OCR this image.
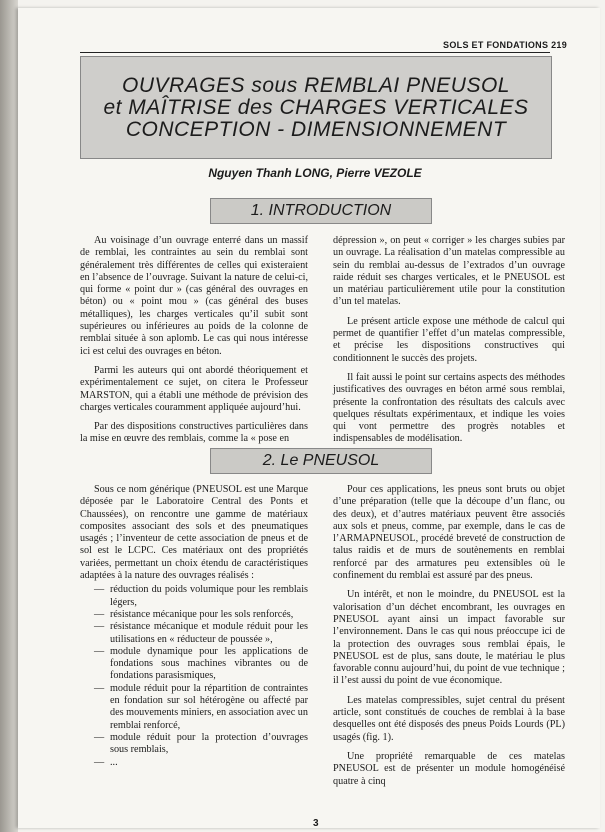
SOLS ET FONDATIONS 219
OUVRAGES sous REMBLAI PNEUSOL
et MAÎTRISE des CHARGES VERTICALES
CONCEPTION - DIMENSIONNEMENT
Nguyen Thanh LONG, Pierre VEZOLE
1. INTRODUCTION

Au voisinage d’un ouvrage enterré dans un massif de remblai, les contraintes au sein du remblai sont généralement très différentes de celles qui existeraient en l’absence de l’ouvrage. Suivant la nature de celui-ci, qui forme « point dur » (cas général des ouvrages en béton) ou « point mou » (cas général des buses métalliques), les charges verticales qu’il subit sont supérieures ou inférieures au poids de la colonne de remblai située à son aplomb. Le cas qui nous intéresse ici est celui des ouvrages en béton.

Parmi les auteurs qui ont abordé théoriquement et expérimentalement ce sujet, on citera le Professeur MARSTON, qui a établi une méthode de prévision des charges verticales couramment appliquée aujourd’hui.

Par des dispositions constructives particulières dans la mise en œuvre des remblais, comme la « pose en

dépression », on peut « corriger » les charges subies par un ouvrage. La réalisation d’un matelas compressible au sein du remblai au-dessus de l’extrados d’un ouvrage raide réduit ses charges verticales, et le PNEUSOL est un matériau particulièrement utile pour la constitution d’un tel matelas.

Le présent article expose une méthode de calcul qui permet de quantifier l’effet d’un matelas compressible, et précise les dispositions constructives qui conditionnent le succès des projets.

Il fait aussi le point sur certains aspects des méthodes justificatives des ouvrages en béton armé sous remblai, présente la confrontation des résultats des calculs avec quelques résultats expérimentaux, et indique les voies qui vont permettre des progrès notables et indispensables de modélisation.

2. Le PNEUSOL

Sous ce nom générique (PNEUSOL est une Marque déposée par le Laboratoire Central des Ponts et Chaussées), on rencontre une gamme de matériaux composites associant des sols et des pneumatiques usagés ; l’inventeur de cette association de pneus et de sol est le LCPC. Ces matériaux ont des propriétés variées, permettant un choix étendu de caractéristiques adaptées à la nature des ouvrages réalisés :

— réduction du poids volumique pour les remblais légers,
— résistance mécanique pour les sols renforcés,
— résistance mécanique et module réduit pour les utilisations en « réducteur de poussée »,
— module dynamique pour les applications de fondations sous machines vibrantes ou de fondations parasismiques,
— module réduit pour la répartition de contraintes en fondation sur sol hétérogène ou affecté par des mouvements miniers, en association avec un remblai renforcé,
— module réduit pour la protection d’ouvrages sous remblais,
— ...

Pour ces applications, les pneus sont bruts ou objet d’une préparation (telle que la découpe d’un flanc, ou des deux), et d’autres matériaux peuvent être associés aux sols et pneus, comme, par exemple, dans le cas de l’ARMAPNEUSOL, procédé breveté de construction de talus raidis et de murs de soutènements en remblai renforcé par des armatures peu extensibles où le confinement du remblai est assuré par des pneus.

Un intérêt, et non le moindre, du PNEUSOL est la valorisation d’un déchet encombrant, les ouvrages en PNEUSOL ayant ainsi un impact favorable sur l’environnement. Dans le cas qui nous préoccupe ici de la protection des ouvrages sous remblai épais, le PNEUSOL est de plus, sans doute, le matériau le plus favorable connu aujourd’hui, du point de vue technique ; il l’est aussi du point de vue économique.

Les matelas compressibles, sujet central du présent article, sont constitués de couches de remblai à la base desquelles ont été disposés des pneus Poids Lourds (PL) usagés (fig. 1).

Une propriété remarquable de ces matelas PNEUSOL est de présenter un module homogénéisé quatre à cinq

3
